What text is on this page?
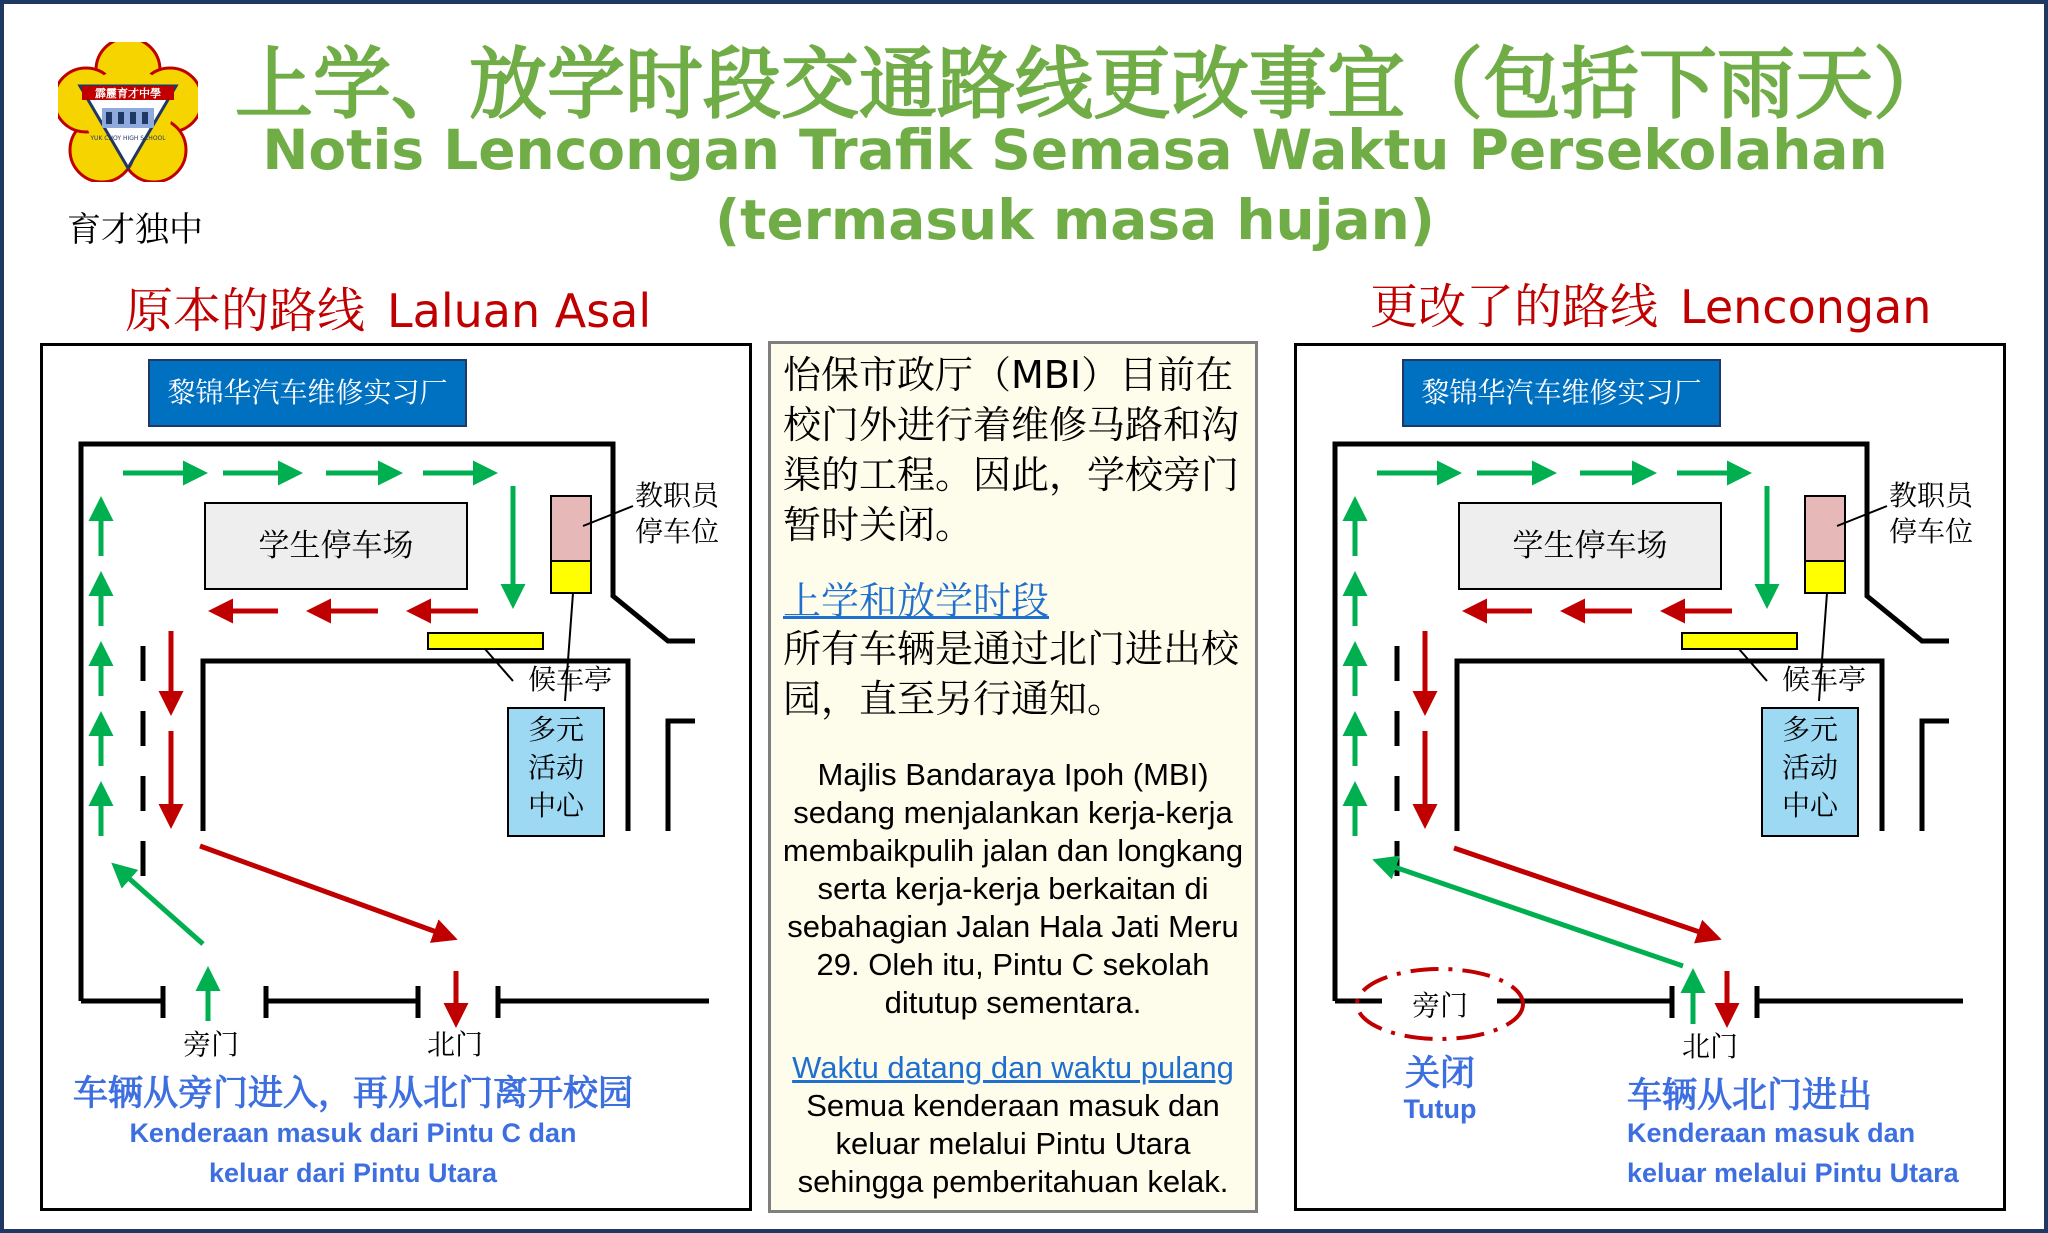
霹靂育才中學
YUK CHOY HIGH SCHOOL
育才独中
上学、放学时段交通路线更改事宜（包括下雨天）
Notis Lencongan Trafik Semasa Waktu Persekolahan
(termasuk masa hujan)
原本的路线 Laluan Asal	更改了的路线 Lencongan
学生停车场
候车亭
旁门	北门
黎锦华汽车维修实习厂
教职员
停车位
多元
活动
中心
车辆从旁门进入，再从北门离开校园
Kenderaan masuk dari Pintu C dan
keluar dari Pintu Utara
怡保市政厅（MBI）目前在校门外进行着维修马路和沟渠的工程。因此，学校旁门暂时关闭。
上学和放学时段
所有车辆是通过北门进出校园，直至另行通知。
Majlis Bandaraya Ipoh (MBI) sedang menjalankan kerja-kerja membaikpulih jalan dan longkang serta kerja-kerja berkaitan di sebahagian Jalan Hala Jati Meru 29. Oleh itu, Pintu C sekolah ditutup sementara.
Waktu datang dan waktu pulang
Semua kenderaan masuk dan keluar melalui Pintu Utara sehingga pemberitahuan kelak.
学生停车场
候车亭
旁门
北门
黎锦华汽车维修实习厂
教职员
停车位
多元
活动
中心
关闭
Tutup	车辆从北门进出
Kenderaan masuk dan
keluar melalui Pintu Utara
